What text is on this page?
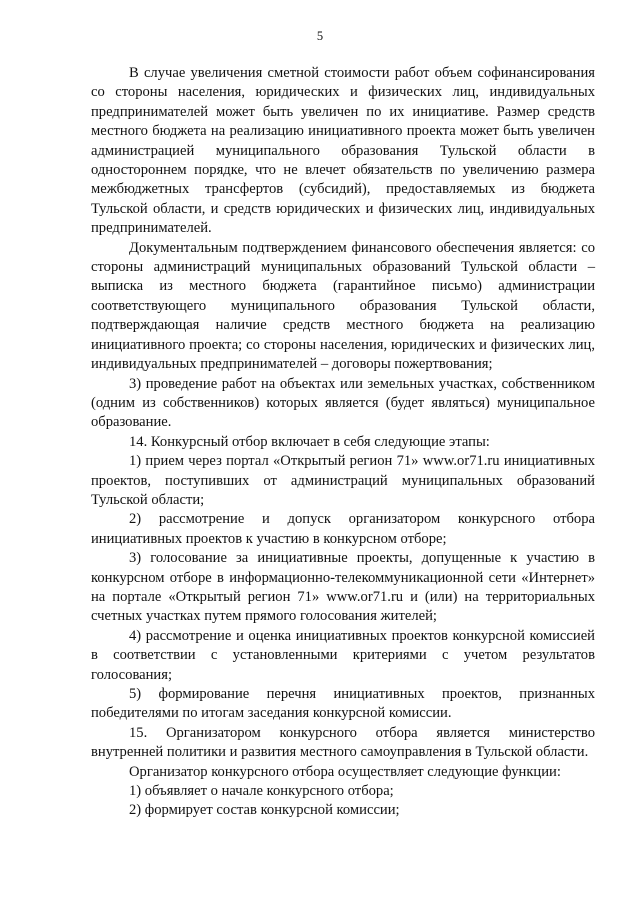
5

В случае увеличения сметной стоимости работ объем софинансирования со стороны населения, юридических и физических лиц, индивидуальных предпринимателей может быть увеличен по их инициативе. Размер средств местного бюджета на реализацию инициативного проекта может быть увеличен администрацией муниципального образования Тульской области в одностороннем порядке, что не влечет обязательств по увеличению размера межбюджетных трансфертов (субсидий), предоставляемых из бюджета Тульской области, и средств юридических и физических лиц, индивидуальных предпринимателей.

Документальным подтверждением финансового обеспечения является: со стороны администраций муниципальных образований Тульской области – выписка из местного бюджета (гарантийное письмо) администрации соответствующего муниципального образования Тульской области, подтверждающая наличие средств местного бюджета на реализацию инициативного проекта; со стороны населения, юридических и физических лиц, индивидуальных предпринимателей – договоры пожертвования;

3) проведение работ на объектах или земельных участках, собственником (одним из собственников) которых является (будет являться) муниципальное образование.

14. Конкурсный отбор включает в себя следующие этапы:

1) прием через портал «Открытый регион 71» www.or71.ru инициативных проектов, поступивших от администраций муниципальных образований Тульской области;

2) рассмотрение и допуск организатором конкурсного отбора инициативных проектов к участию в конкурсном отборе;

3) голосование за инициативные проекты, допущенные к участию в конкурсном отборе в информационно-телекоммуникационной сети «Интернет» на портале «Открытый регион 71» www.or71.ru и (или) на территориальных счетных участках путем прямого голосования жителей;

4) рассмотрение и оценка инициативных проектов конкурсной комиссией в соответствии с установленными критериями с учетом результатов голосования;

5) формирование перечня инициативных проектов, признанных победителями по итогам заседания конкурсной комиссии.

15. Организатором конкурсного отбора является министерство внутренней политики и развития местного самоуправления в Тульской области.

Организатор конкурсного отбора осуществляет следующие функции:

1) объявляет о начале конкурсного отбора;

2) формирует состав конкурсной комиссии;
